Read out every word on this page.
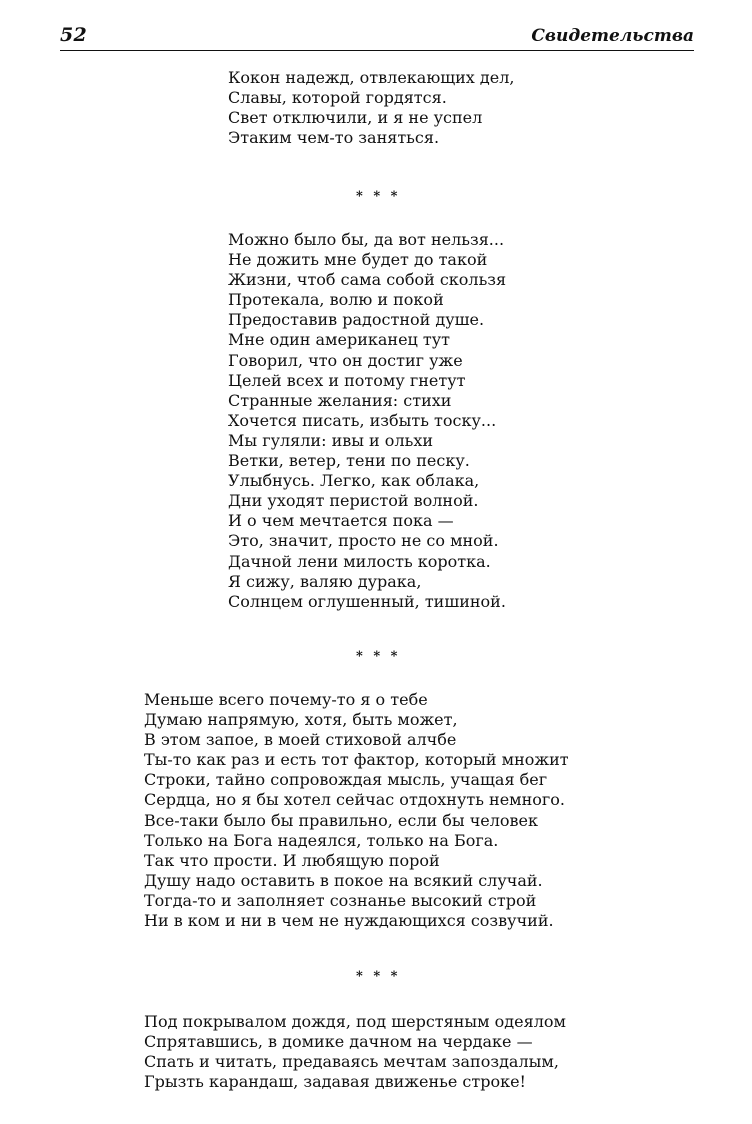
52	Свидетельства
Кокон надежд, отвлекающих дел,
Славы, которой гордятся.
Свет отключили, и я не успел
Этаким чем-то заняться.
* * *
Можно было бы, да вот нельзя...
Не дожить мне будет до такой
Жизни, чтоб сама собой скользя
Протекала, волю и покой
Предоставив радостной душе.
Мне один американец тут
Говорил, что он достиг уже
Целей всех и потому гнетут
Странные желания: стихи
Хочется писать, избыть тоску...
Мы гуляли: ивы и ольхи
Ветки, ветер, тени по песку.
Улыбнусь. Легко, как облака,
Дни уходят перистой волной.
И о чем мечтается пока —
Это, значит, просто не со мной.
Дачной лени милость коротка.
Я сижу, валяю дурака,
Солнцем оглушенный, тишиной.
* * *
Меньше всего почему-то я о тебе
Думаю напрямую, хотя, быть может,
В этом запое, в моей стиховой алчбе
Ты-то как раз и есть тот фактор, который множит
Строки, тайно сопровождая мысль, учащая бег
Сердца, но я бы хотел сейчас отдохнуть немного.
Все-таки было бы правильно, если бы человек
Только на Бога надеялся, только на Бога.
Так что прости. И любящую порой
Душу надо оставить в покое на всякий случай.
Тогда-то и заполняет сознанье высокий строй
Ни в ком и ни в чем не нуждающихся созвучий.
* * *
Под покрывалом дождя, под шерстяным одеялом
Спрятавшись, в домике дачном на чердаке —
Спать и читать, предаваясь мечтам запоздалым,
Грызть карандаш, задавая движенье строке!
